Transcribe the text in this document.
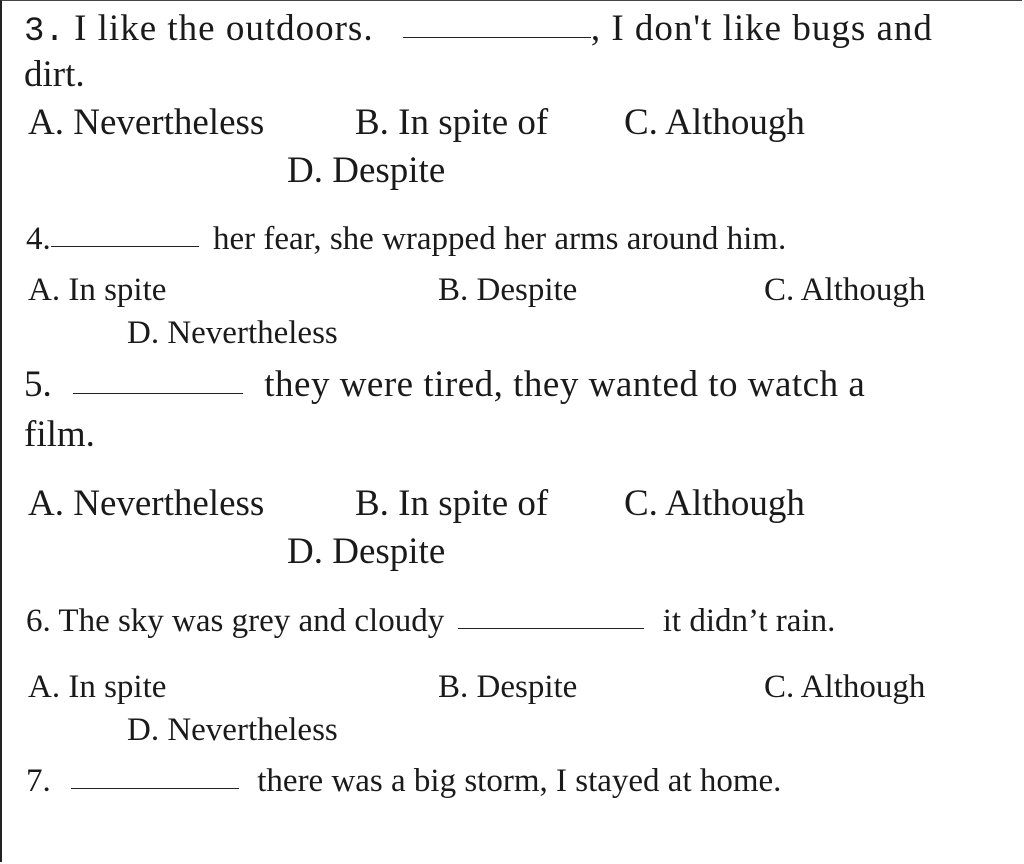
3. I like the outdoors.	, I don't like bugs and
dirt.
A. Nevertheless B. In spite of C. Although
D. Despite
4.	her fear, she wrapped her arms around him.
A. In spite	B. Despite	C. Although
D. Nevertheless
5.	they were tired, they wanted to watch a
film.
A. Nevertheless B. In spite of C. Although
D. Despite
6. The sky was grey and cloudy	it didn’t rain.
A. In spite	B. Despite	C. Although
D. Nevertheless
7.	there was a big storm, I stayed at home.
